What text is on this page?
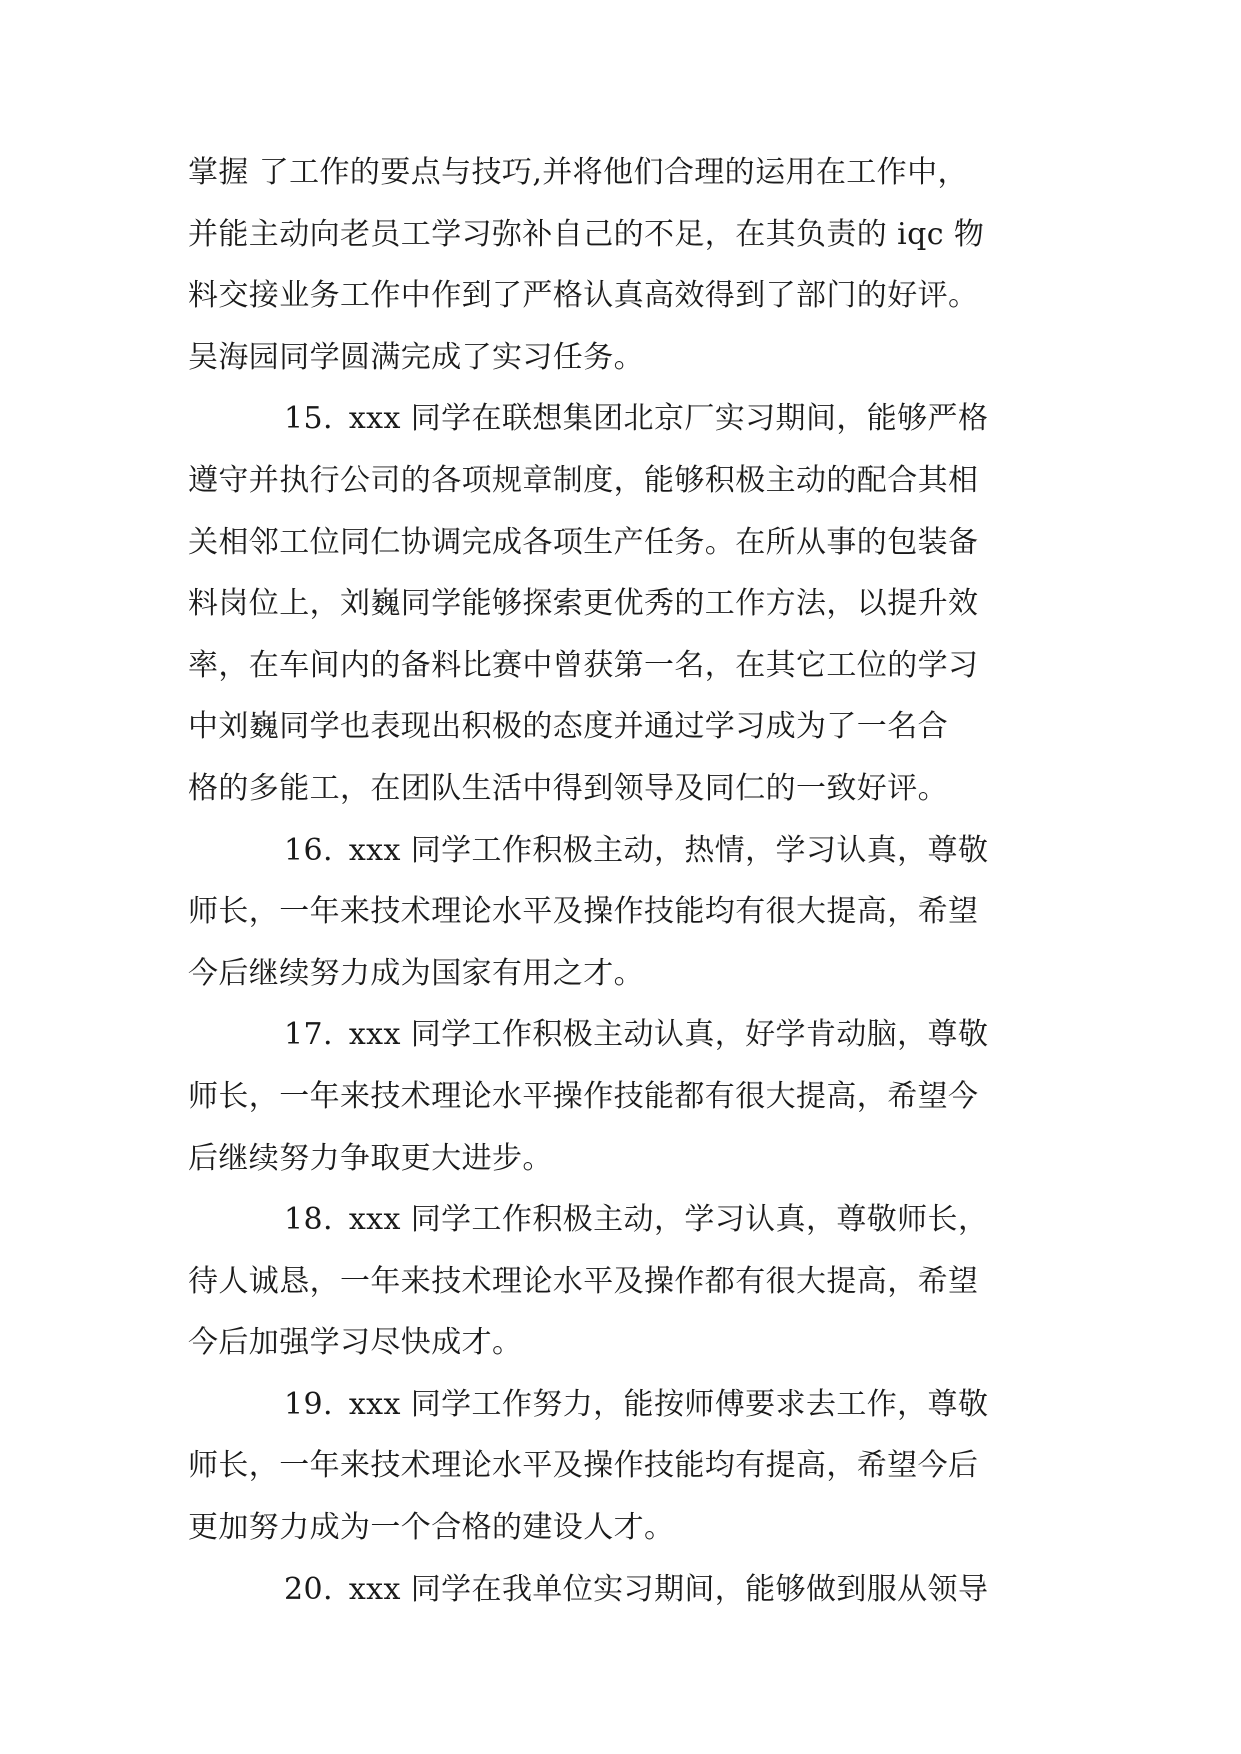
掌握 了工作的要点与技巧,并将他们合理的运用在工作中，
并能主动向老员工学习弥补自己的不足，在其负责的 iqc 物
料交接业务工作中作到了严格认真高效得到了部门的好评。
吴海园同学圆满完成了实习任务。
15. xxx 同学在联想集团北京厂实习期间，能够严格
遵守并执行公司的各项规章制度，能够积极主动的配合其相
关相邻工位同仁协调完成各项生产任务。在所从事的包装备
料岗位上，刘巍同学能够探索更优秀的工作方法，以提升效
率，在车间内的备料比赛中曾获第一名，在其它工位的学习
中刘巍同学也表现出积极的态度并通过学习成为了一名合
格的多能工，在团队生活中得到领导及同仁的一致好评。
16. xxx 同学工作积极主动，热情，学习认真，尊敬
师长，一年来技术理论水平及操作技能均有很大提高，希望
今后继续努力成为国家有用之才。
17. xxx 同学工作积极主动认真，好学肯动脑，尊敬
师长，一年来技术理论水平操作技能都有很大提高，希望今
后继续努力争取更大进步。
18. xxx 同学工作积极主动，学习认真，尊敬师长，
待人诚恳，一年来技术理论水平及操作都有很大提高，希望
今后加强学习尽快成才。
19. xxx 同学工作努力，能按师傅要求去工作，尊敬
师长，一年来技术理论水平及操作技能均有提高，希望今后
更加努力成为一个合格的建设人才。
20. xxx 同学在我单位实习期间，能够做到服从领导
